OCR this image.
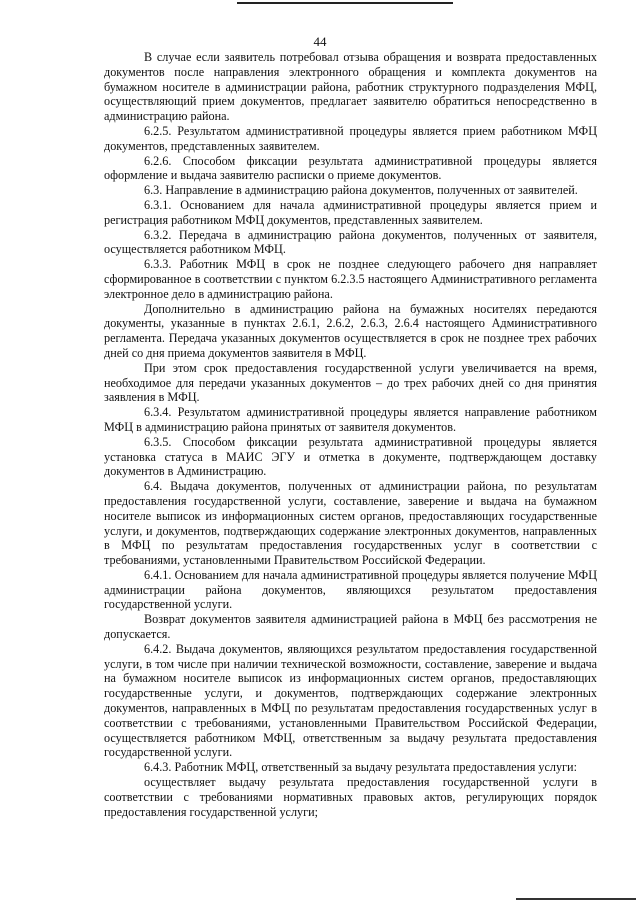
44

В случае если заявитель потребовал отзыва обращения и возврата предоставленных документов после направления электронного обращения и комплекта документов на бумажном носителе в администрации района, работник структурного подразделения МФЦ, осуществляющий прием документов, предлагает заявителю обратиться непосредственно в администрацию района.

6.2.5. Результатом административной процедуры является прием работником МФЦ документов, представленных заявителем.

6.2.6. Способом фиксации результата административной процедуры является оформление и выдача заявителю расписки о приеме документов.

6.3. Направление в администрацию района документов, полученных от заявителей.

6.3.1. Основанием для начала административной процедуры является прием и регистрация работником МФЦ документов, представленных заявителем.

6.3.2. Передача в администрацию района документов, полученных от заявителя, осуществляется работником МФЦ.

6.3.3. Работник МФЦ в срок не позднее следующего рабочего дня направляет сформированное в соответствии с пунктом 6.2.3.5 настоящего Административного регламента электронное дело в администрацию района.

Дополнительно в администрацию района на бумажных носителях передаются документы, указанные в пунктах 2.6.1, 2.6.2, 2.6.3, 2.6.4 настоящего Административного регламента. Передача указанных документов осуществляется в срок не позднее трех рабочих дней со дня приема документов заявителя в МФЦ.

При этом срок предоставления государственной услуги увеличивается на время, необходимое для передачи указанных документов – до трех рабочих дней со дня принятия заявления в МФЦ.

6.3.4. Результатом административной процедуры является направление работником МФЦ в администрацию района принятых от заявителя документов.

6.3.5. Способом фиксации результата административной процедуры является установка статуса в МАИС ЭГУ и отметка в документе, подтверждающем доставку документов в Администрацию.

6.4. Выдача документов, полученных от администрации района, по результатам предоставления государственной услуги, составление, заверение и выдача на бумажном носителе выписок из информационных систем органов, предоставляющих государственные услуги, и документов, подтверждающих содержание электронных документов, направленных в МФЦ по результатам предоставления государственных услуг в соответствии с требованиями, установленными Правительством Российской Федерации.

6.4.1. Основанием для начала административной процедуры является получение МФЦ администрации района документов, являющихся результатом предоставления государственной услуги.

Возврат документов заявителя администрацией района в МФЦ без рассмотрения не допускается.

6.4.2. Выдача документов, являющихся результатом предоставления государственной услуги, в том числе при наличии технической возможности, составление, заверение и выдача на бумажном носителе выписок из информационных систем органов, предоставляющих государственные услуги, и документов, подтверждающих содержание электронных документов, направленных в МФЦ по результатам предоставления государственных услуг в соответствии с требованиями, установленными Правительством Российской Федерации, осуществляется работником МФЦ, ответственным за выдачу результата предоставления государственной услуги.

6.4.3. Работник МФЦ, ответственный за выдачу результата предоставления услуги:

осуществляет выдачу результата предоставления государственной услуги в соответствии с требованиями нормативных правовых актов, регулирующих порядок предоставления государственной услуги;
